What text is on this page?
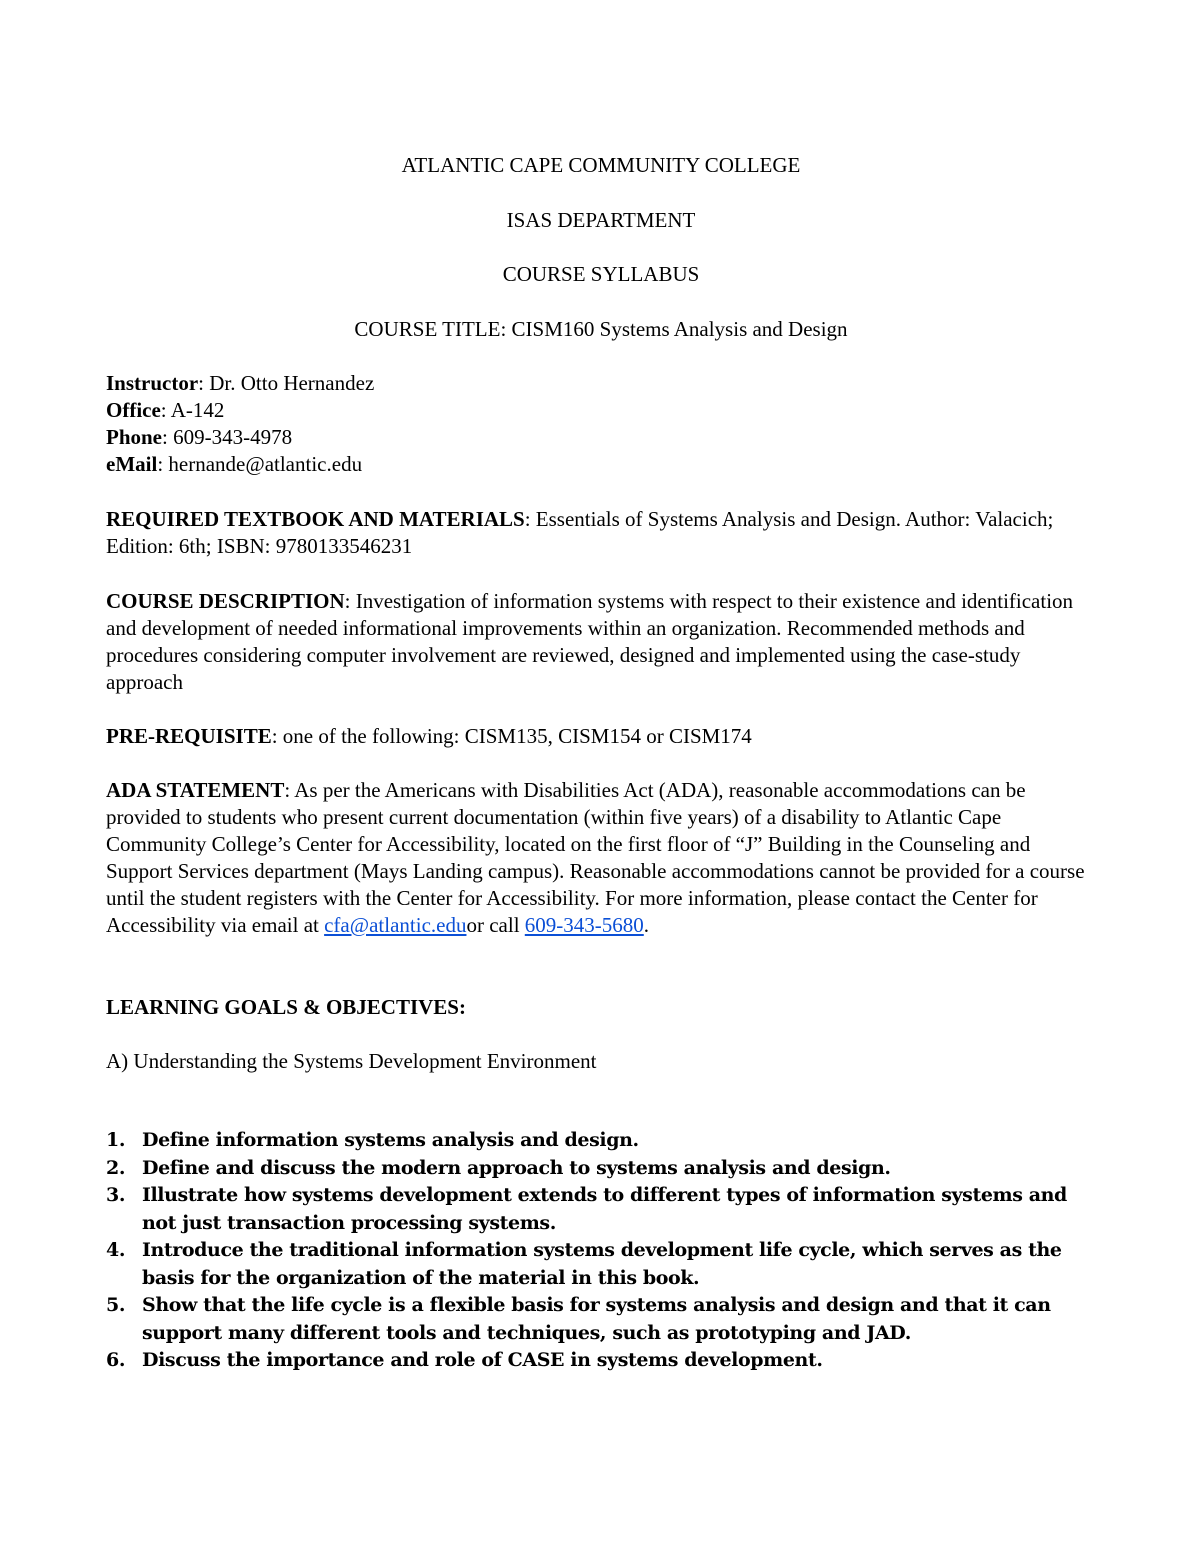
ATLANTIC CAPE COMMUNITY COLLEGE
ISAS DEPARTMENT
COURSE SYLLABUS
COURSE TITLE: CISM160 Systems Analysis and Design
Instructor: Dr. Otto Hernandez
Office: A-142
Phone: 609-343-4978
eMail: hernande@atlantic.edu
REQUIRED TEXTBOOK AND MATERIALS: Essentials of Systems Analysis and Design. Author: Valacich; Edition: 6th; ISBN: 9780133546231
COURSE DESCRIPTION: Investigation of information systems with respect to their existence and identification and development of needed informational improvements within an organization. Recommended methods and procedures considering computer involvement are reviewed, designed and implemented using the case-study approach
PRE-REQUISITE: one of the following: CISM135, CISM154 or CISM174
ADA STATEMENT: As per the Americans with Disabilities Act (ADA), reasonable accommodations can be provided to students who present current documentation (within five years) of a disability to Atlantic Cape Community College’s Center for Accessibility, located on the first floor of “J” Building in the Counseling and Support Services department (Mays Landing campus). Reasonable accommodations cannot be provided for a course until the student registers with the Center for Accessibility. For more information, please contact the Center for Accessibility via email at cfa@atlantic.eduor call 609-343-5680.
LEARNING GOALS & OBJECTIVES:
A) Understanding the Systems Development Environment
1. Define information systems analysis and design.
2. Define and discuss the modern approach to systems analysis and design.
3. Illustrate how systems development extends to different types of information systems and not just transaction processing systems.
4. Introduce the traditional information systems development life cycle, which serves as the basis for the organization of the material in this book.
5. Show that the life cycle is a flexible basis for systems analysis and design and that it can support many different tools and techniques, such as prototyping and JAD.
6. Discuss the importance and role of CASE in systems development.
